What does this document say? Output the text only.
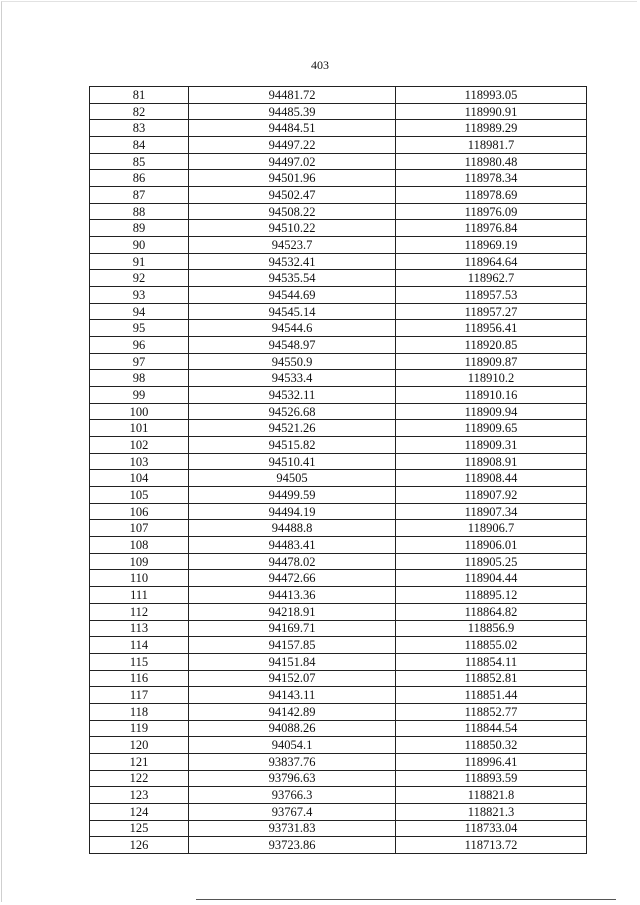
403
81	94481.72	118993.05
82	94485.39	118990.91
83	94484.51	118989.29
84	94497.22	118981.7
85	94497.02	118980.48
86	94501.96	118978.34
87	94502.47	118978.69
88	94508.22	118976.09
89	94510.22	118976.84
90	94523.7	118969.19
91	94532.41	118964.64
92	94535.54	118962.7
93	94544.69	118957.53
94	94545.14	118957.27
95	94544.6	118956.41
96	94548.97	118920.85
97	94550.9	118909.87
98	94533.4	118910.2
99	94532.11	118910.16
100	94526.68	118909.94
101	94521.26	118909.65
102	94515.82	118909.31
103	94510.41	118908.91
104	94505	118908.44
105	94499.59	118907.92
106	94494.19	118907.34
107	94488.8	118906.7
108	94483.41	118906.01
109	94478.02	118905.25
110	94472.66	118904.44
111	94413.36	118895.12
112	94218.91	118864.82
113	94169.71	118856.9
114	94157.85	118855.02
115	94151.84	118854.11
116	94152.07	118852.81
117	94143.11	118851.44
118	94142.89	118852.77
119	94088.26	118844.54
120	94054.1	118850.32
121	93837.76	118996.41
122	93796.63	118893.59
123	93766.3	118821.8
124	93767.4	118821.3
125	93731.83	118733.04
126	93723.86	118713.72
